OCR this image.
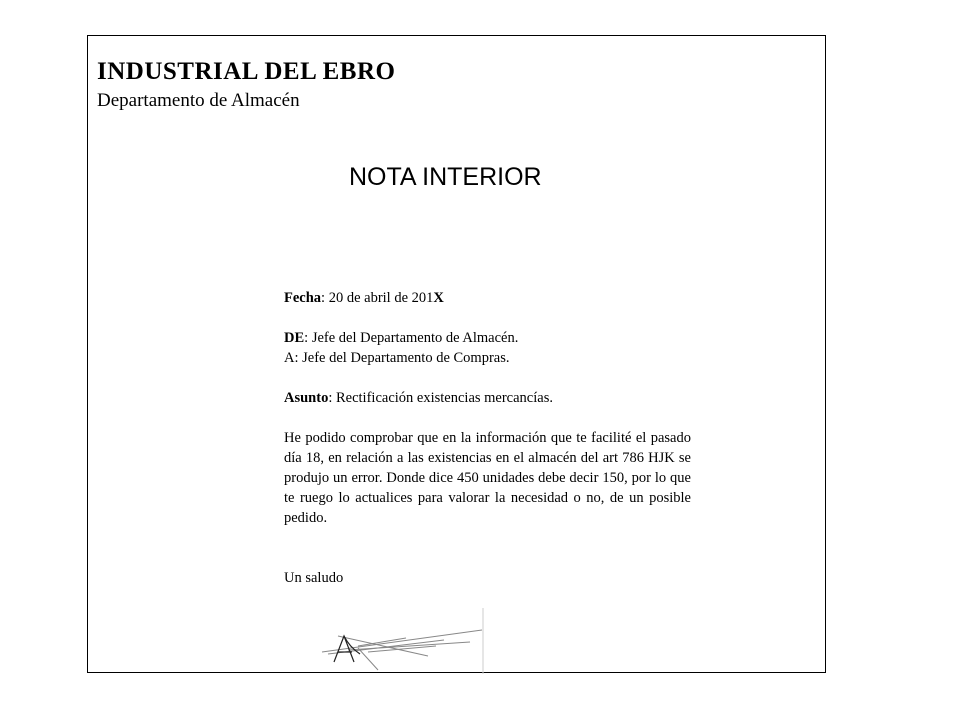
INDUSTRIAL DEL EBRO
Departamento de Almacén
NOTA INTERIOR
Fecha: 20 de abril de 201X
DE: Jefe del Departamento de Almacén.
A: Jefe del Departamento de Compras.
Asunto: Rectificación existencias mercancías.
He podido comprobar que en la información que te facilité el pasado día 18, en relación a las existencias en el almacén del art 786 HJK se produjo un error. Donde dice 450 unidades debe decir 150, por lo que te ruego lo actualices para valorar la necesidad o no, de un posible pedido.
Un saludo
